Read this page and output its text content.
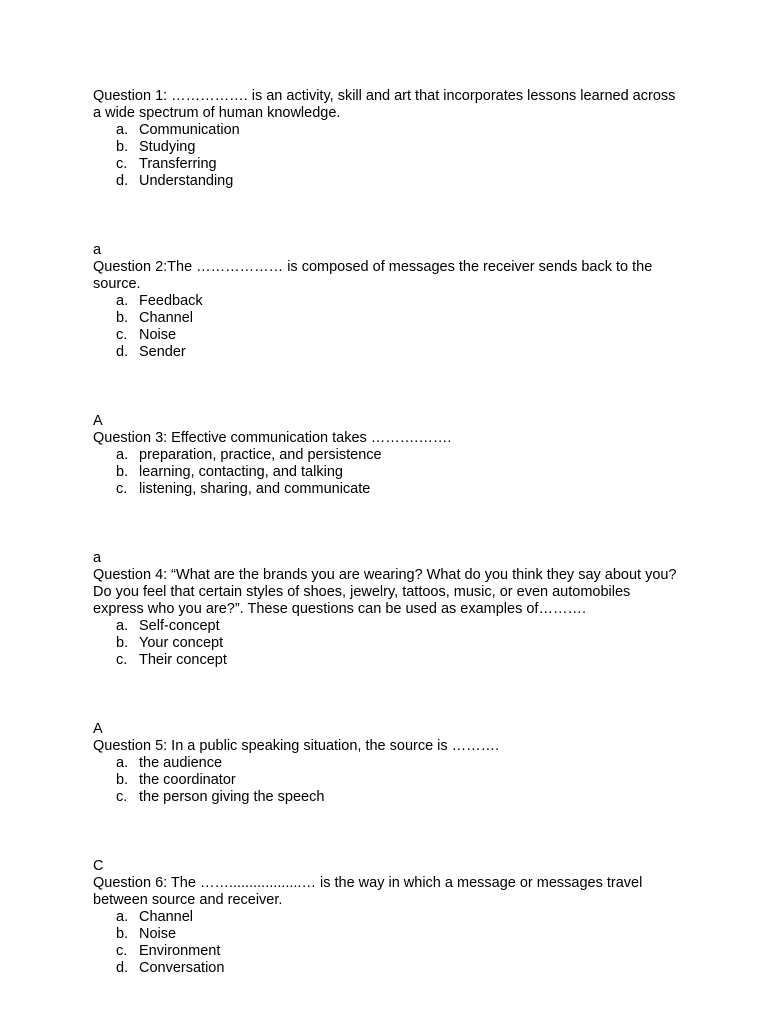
Question 1: ……………. is an activity, skill and art that incorporates lessons learned across a wide spectrum of human knowledge.

a. Communication
b. Studying
c. Transferring
d. Understanding
a

Question 2:The ……………… is composed of messages the receiver sends back to the source.

a. Feedback
b. Channel
c. Noise
d. Sender
A

Question 3: Effective communication takes ……….…….

a. preparation, practice, and persistence
b. learning, contacting, and talking
c. listening, sharing, and communicate
a

Question 4: “What are the brands you are wearing? What do you think they say about you? Do you feel that certain styles of shoes, jewelry, tattoos, music, or even automobiles express who you are?”. These questions can be used as examples of……….

a. Self-concept
b. Your concept
c. Their concept
A

Question 5: In a public speaking situation, the source is ……….

a. the audience
b. the coordinator
c. the person giving the speech
C

Question 6: The ……..................… is the way in which a message or messages travel between source and receiver.

a. Channel
b. Noise
c. Environment
d. Conversation
